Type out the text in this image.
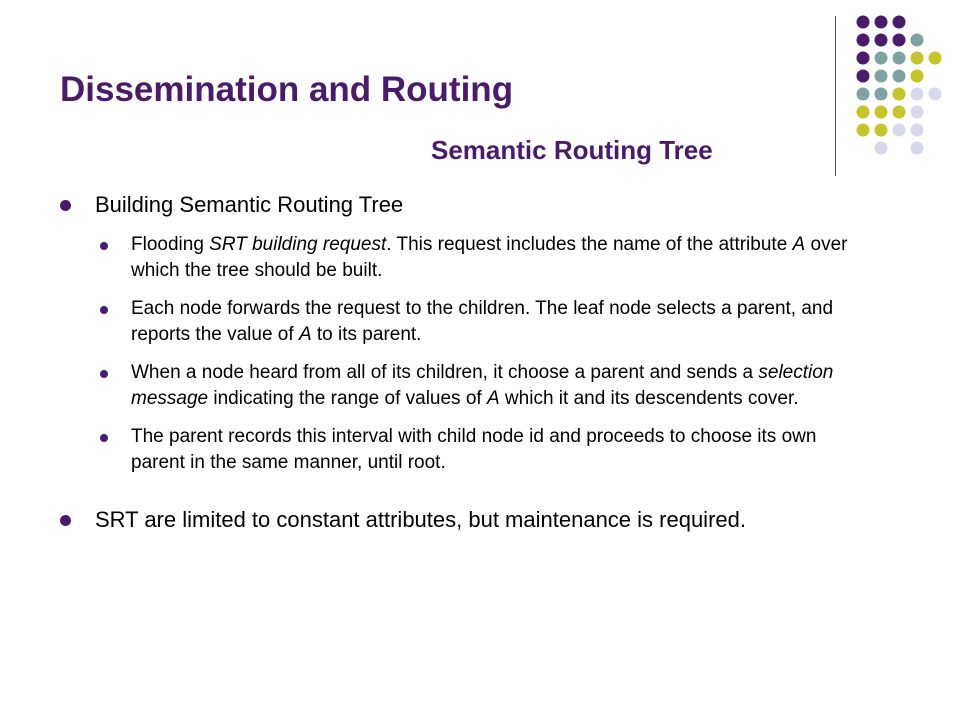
Dissemination and Routing
Semantic Routing Tree
Building Semantic Routing Tree
Flooding SRT building request. This request includes the name of the attribute A over which the tree should be built.
Each node forwards the request to the children. The leaf node selects a parent, and reports the value of A to its parent.
When a node heard from all of its children, it choose a parent and sends a selection message indicating the range of values of A which it and its descendents cover.
The parent records this interval with child node id and proceeds to choose its own parent in the same manner, until root.
SRT are limited to constant attributes, but maintenance is required.
